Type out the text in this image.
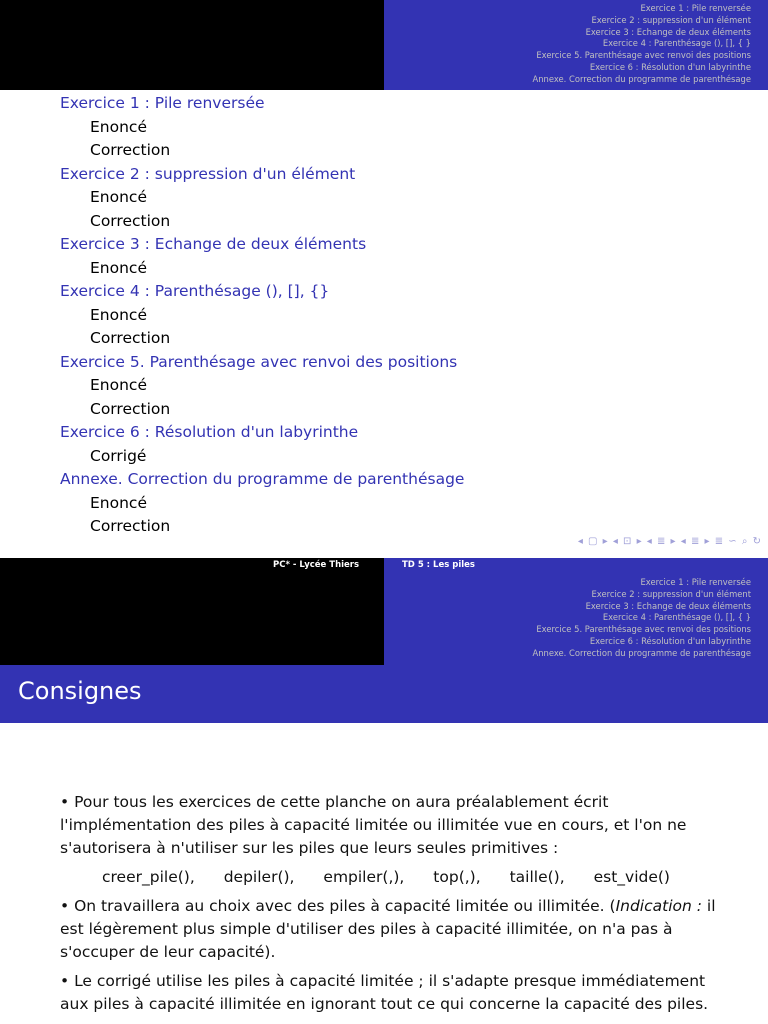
Exercice 1 : Pile renversée
Exercice 2 : suppression d'un élément
Exercice 3 : Echange de deux éléments
Exercice 4 : Parenthésage (), [], { }
Exercice 5. Parenthésage avec renvoi des positions
Exercice 6 : Résolution d'un labyrinthe
Annexe. Correction du programme de parenthésage
Exercice 1 : Pile renversée
Enoncé
Correction
Exercice 2 : suppression d'un élément
Enoncé
Correction
Exercice 3 : Echange de deux éléments
Enoncé
Exercice 4 : Parenthésage (), [], {}
Enoncé
Correction
Exercice 5. Parenthésage avec renvoi des positions
Enoncé
Correction
Exercice 6 : Résolution d'un labyrinthe
Corrigé
Annexe. Correction du programme de parenthésage
Enoncé
Correction
◂ ▢ ▸ ◂ ⊡ ▸ ◂ ≣ ▸ ◂ ≣ ▸ ≣ ∽ ⌕ ↻
PC* - Lycée Thiers	TD 5 : Les piles
Exercice 1 : Pile renversée
Exercice 2 : suppression d'un élément
Exercice 3 : Echange de deux éléments
Exercice 4 : Parenthésage (), [], { }
Exercice 5. Parenthésage avec renvoi des positions
Exercice 6 : Résolution d'un labyrinthe
Annexe. Correction du programme de parenthésage
Consignes

• Pour tous les exercices de cette planche on aura préalablement écrit l'implémentation des piles à capacité limitée ou illimitée vue en cours, et l'on ne s'autorisera à n'utiliser sur les piles que leurs seules primitives :

creer_pile(), depiler(), empiler(,), top(,), taille(), est_vide()

• On travaillera au choix avec des piles à capacité limitée ou illimitée. (Indication : il est légèrement plus simple d'utiliser des piles à capacité illimitée, on n'a pas à s'occuper de leur capacité).

• Le corrigé utilise les piles à capacité limitée ; il s'adapte presque immédiatement aux piles à capacité illimitée en ignorant tout ce qui concerne la capacité des piles.
